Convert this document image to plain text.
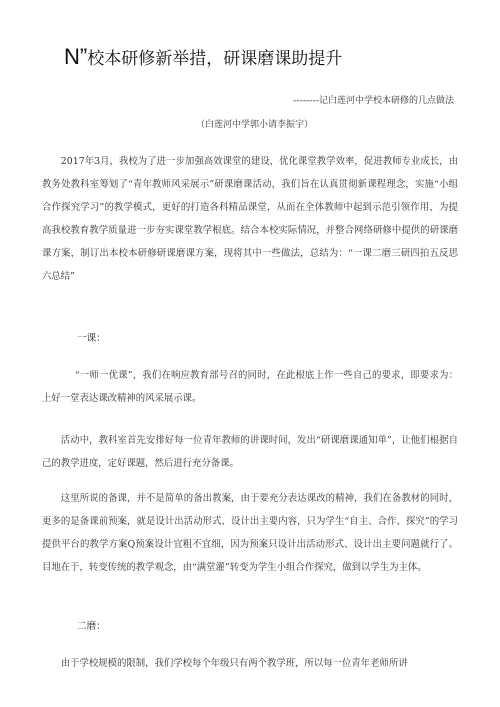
N”校本研修新举措，研课磨课助提升
--------记白莲河中学校本研修的几点做法
（白莲河中学郭小请李振宇）

2017年3月，我校为了进一步加强高效课堂的建设，优化课堂教学效率，促进教师专业成长，由教务处教科室筹划了“青年教师风采展示”研课磨课活动，我们旨在认真贯彻新课程理念，实施“小组合作探究学习”的教学模式，更好的打造各科精品课堂，从而在全体教师中起到示范引领作用，为提高我校教育教学质量进一步夯实课堂教学根底。结合本校实际情况，并整合网络研修中提供的研课磨课方案，制订出本校本研修研课磨课方案，现将其中一些做法，总结为：“一课二磨三研四拍五反思六总结”

一课：

“一师一优课”，我们在响应教育部号召的同时，在此根底上作一些自己的要求，即要求为：上好一堂表达课改精神的风采展示课。

活动中，教科室首先安排好每一位青年教师的讲课时间，发出“研课磨课通知单”，让他们根据自己的教学进度，定好课题，然后进行充分备课。

这里所说的备课，并不是简单的备出教案，由于要充分表达课改的精神，我们在备教材的同时，更多的是备课前预案，就是设计出活动形式、设计出主要内容，只为学生“自主、合作、探究”的学习提供平台的教学方案Q预案设计宜粗不宜细，因为预案只设计出活动形式、设计出主要问题就行了。目地在于，转变传统的教学观念，由“满堂灌”转变为学生小组合作探究，做到以学生为主体。

二磨：

由于学校规模的限制，我们学校每个年级只有两个教学班，所以每一位青年老师所讲
